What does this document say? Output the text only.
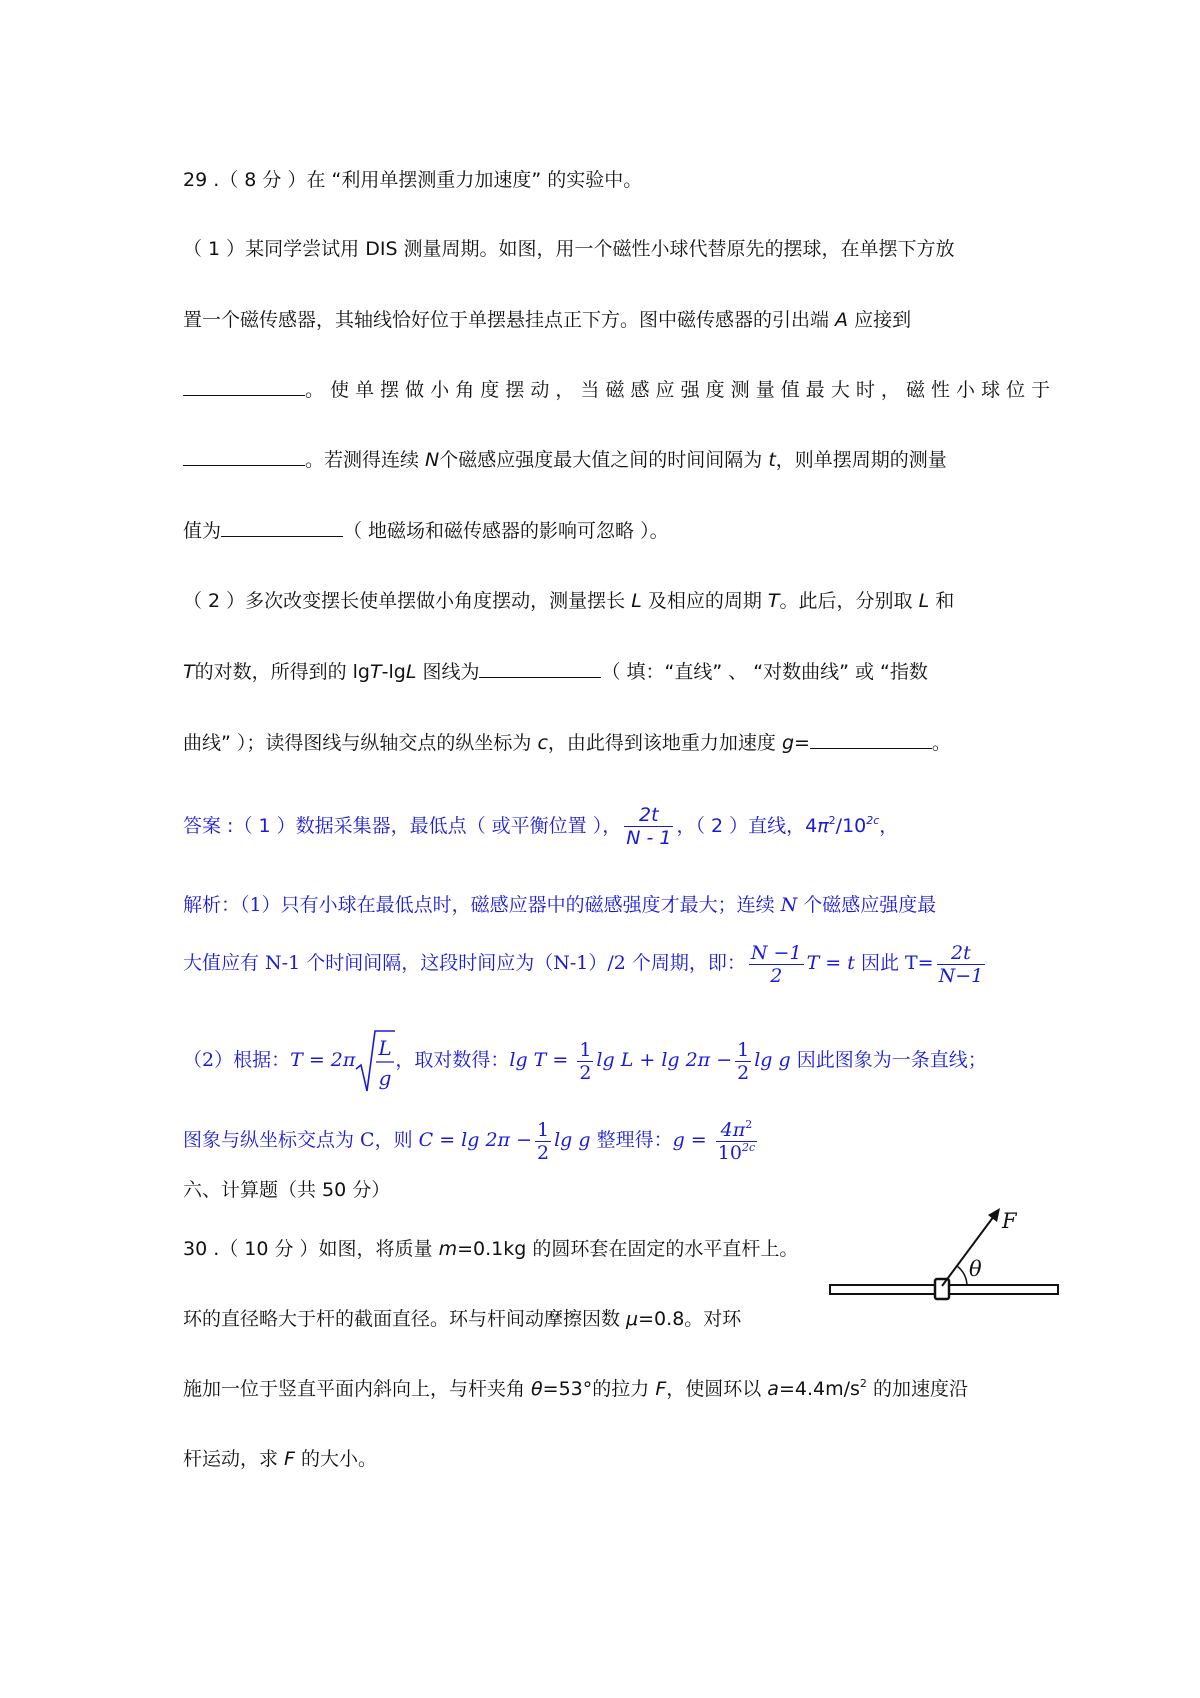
29 .（ 8 分 ）在 “利用单摆测重力加速度” 的实验中。
（ 1 ）某同学尝试用 DIS 测量周期。如图，用一个磁性小球代替原先的摆球，在单摆下方放
置一个磁传感器，其轴线恰好位于单摆悬挂点正下方。图中磁传感器的引出端 A 应接到
。 使 单 摆 做 小 角 度 摆 动 ， 当 磁 感 应 强 度 测 量 值 最 大 时 ， 磁 性 小 球 位 于
。若测得连续 N个磁感应强度最大值之间的时间间隔为 t，则单摆周期的测量
值为	（ 地磁场和磁传感器的影响可忽略 ）。
（ 2 ）多次改变摆长使单摆做小角度摆动，测量摆长 L 及相应的周期 T。此后，分别取 L 和
T的对数，所得到的 lgT-lgL 图线为	（ 填：“直线” 、 “对数曲线” 或 “指数
曲线” ）；读得图线与纵轴交点的纵坐标为 c，由此得到该地重力加速度 g=	。
答案 :（ 1 ）数据采集器，最低点（ 或平衡位置 ）， $\frac{2t}{N - 1}$ ，（ 2 ）直线，$4\pi^2/10^{2c}$，
解析：（1）只有小球在最低点时，磁感应器中的磁感强度才最大；连续 N 个磁感应强度最
大值应有 N-1 个时间间隔，这段时间应为（N-1）/2 个周期，即： $\frac{N -1}{2}$ T = t 因此 $T= \frac{2t}{N-1}$
（2）根据：T = 2π L
g
，取对数得：$\lg T = \frac{1}{2}$ $\lg L + \lg 2\pi - \frac{1}{2}$ lg g 因此图象为一条直线；
图象与纵坐标交点为 C，则 $C = \lg 2\pi - \frac{1}{2}$ lg g 整理得：$g = \frac{4\pi^2}{10^{2c}}$
六、计算题（共 50 分）
30 .（ 10 分 ）如图，将质量 m=0.1kg 的圆环套在固定的水平直杆上。
环的直径略大于杆的截面直径。环与杆间动摩擦因数 μ=0.8。对环
施加一位于竖直平面内斜向上，与杆夹角 θ=53°的拉力 F，使圆环以 $a=4.4m/s^2$ 的加速度沿
杆运动，求 F 的大小。
F
θ
